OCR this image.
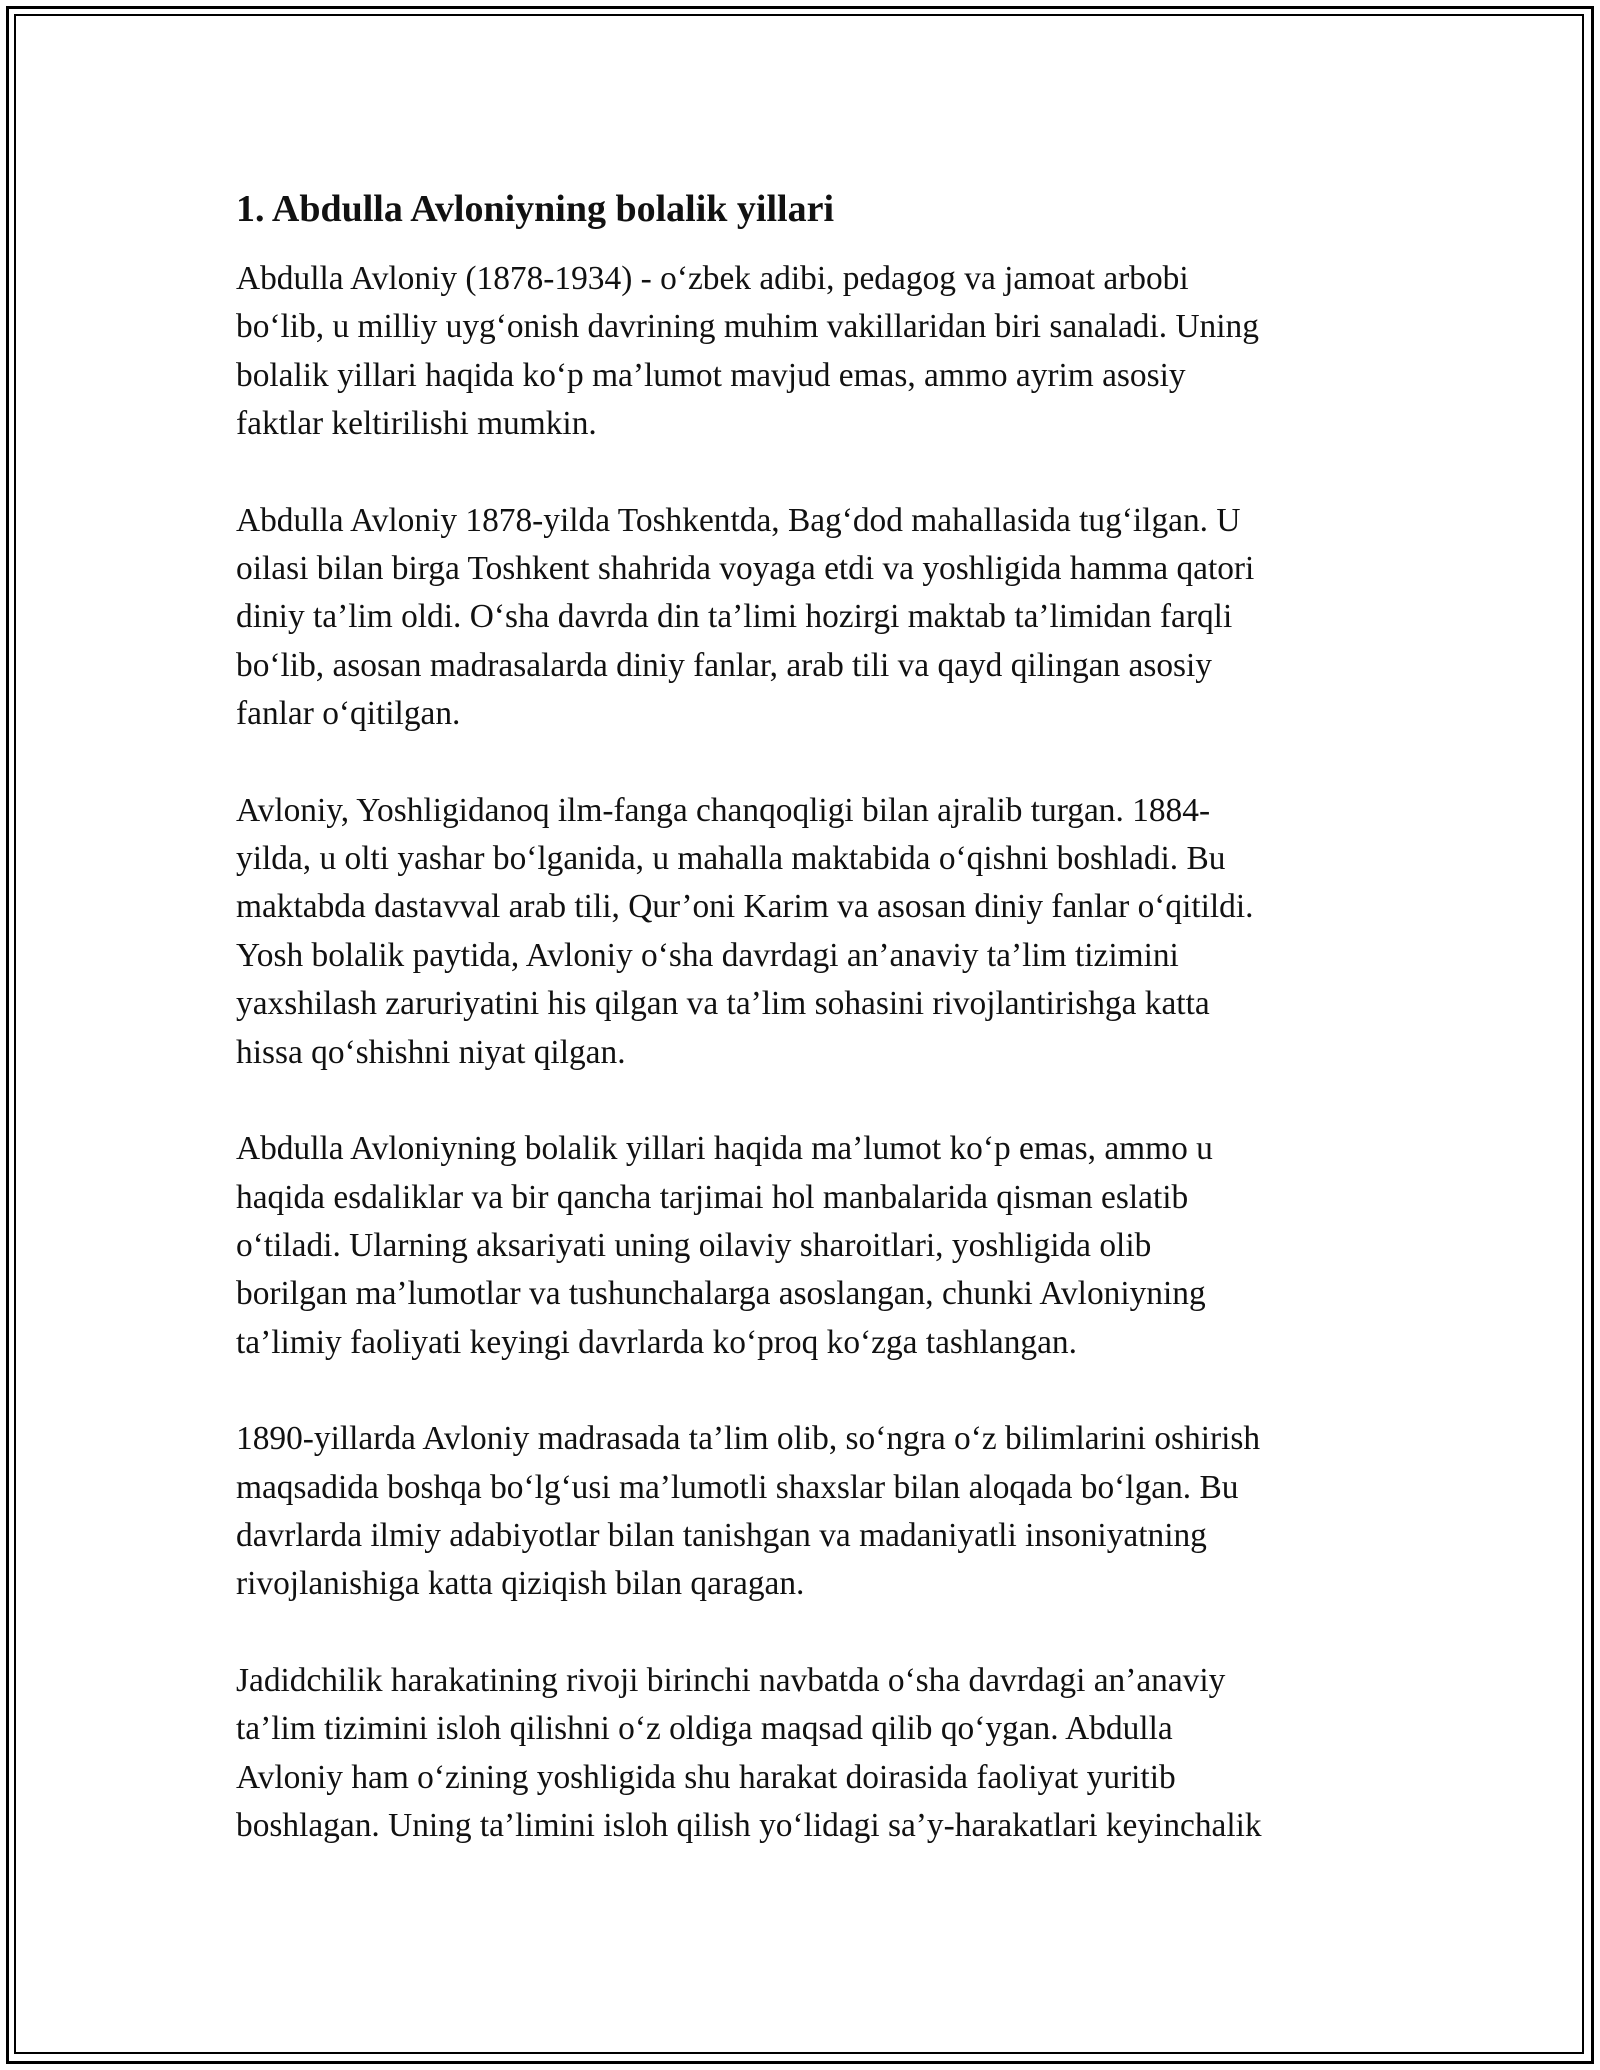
1. Abdulla Avloniyning bolalik yillari

Abdulla Avloniy (1878-1934) - o‘zbek adibi, pedagog va jamoat arbobi
bo‘lib, u milliy uyg‘onish davrining muhim vakillaridan biri sanaladi. Uning
bolalik yillari haqida ko‘p ma’lumot mavjud emas, ammo ayrim asosiy
faktlar keltirilishi mumkin.

Abdulla Avloniy 1878-yilda Toshkentda, Bag‘dod mahallasida tug‘ilgan. U
oilasi bilan birga Toshkent shahrida voyaga etdi va yoshligida hamma qatori
diniy ta’lim oldi. O‘sha davrda din ta’limi hozirgi maktab ta’limidan farqli
bo‘lib, asosan madrasalarda diniy fanlar, arab tili va qayd qilingan asosiy
fanlar o‘qitilgan.

Avloniy, Yoshligidanoq ilm-fanga chanqoqligi bilan ajralib turgan. 1884-
yilda, u olti yashar bo‘lganida, u mahalla maktabida o‘qishni boshladi. Bu
maktabda dastavval arab tili, Qur’oni Karim va asosan diniy fanlar o‘qitildi.
Yosh bolalik paytida, Avloniy o‘sha davrdagi an’anaviy ta’lim tizimini
yaxshilash zaruriyatini his qilgan va ta’lim sohasini rivojlantirishga katta
hissa qo‘shishni niyat qilgan.

Abdulla Avloniyning bolalik yillari haqida ma’lumot ko‘p emas, ammo u
haqida esdaliklar va bir qancha tarjimai hol manbalarida qisman eslatib
o‘tiladi. Ularning aksariyati uning oilaviy sharoitlari, yoshligida olib
borilgan ma’lumotlar va tushunchalarga asoslangan, chunki Avloniyning
ta’limiy faoliyati keyingi davrlarda ko‘proq ko‘zga tashlangan.

1890-yillarda Avloniy madrasada ta’lim olib, so‘ngra o‘z bilimlarini oshirish
maqsadida boshqa bo‘lg‘usi ma’lumotli shaxslar bilan aloqada bo‘lgan. Bu
davrlarda ilmiy adabiyotlar bilan tanishgan va madaniyatli insoniyatning
rivojlanishiga katta qiziqish bilan qaragan.

Jadidchilik harakatining rivoji birinchi navbatda o‘sha davrdagi an’anaviy
ta’lim tizimini isloh qilishni o‘z oldiga maqsad qilib qo‘ygan. Abdulla
Avloniy ham o‘zining yoshligida shu harakat doirasida faoliyat yuritib
boshlagan. Uning ta’limini isloh qilish yo‘lidagi sa’y-harakatlari keyinchalik
